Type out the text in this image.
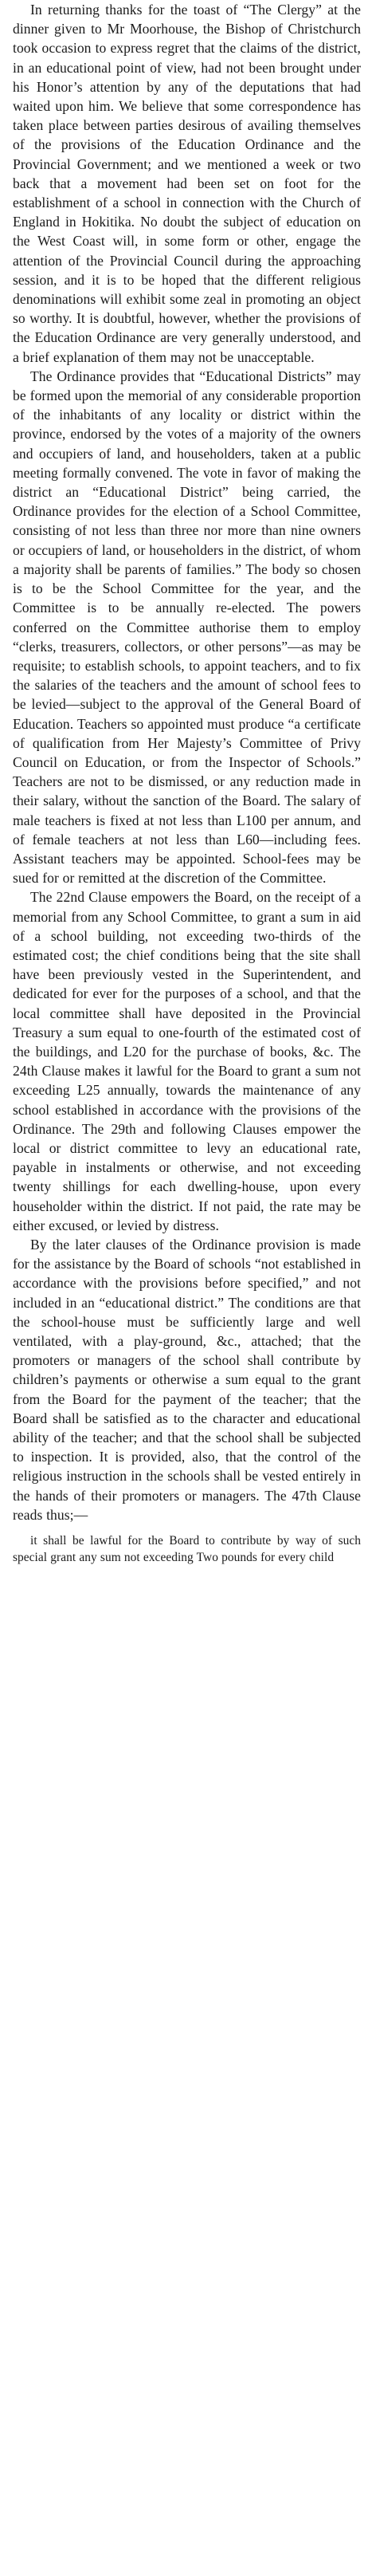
In returning thanks for the toast of “The Clergy” at the dinner given to Mr Moorhouse, the Bishop of Christchurch took occasion to express regret that the claims of the district, in an educational point of view, had not been brought under his Honor’s attention by any of the deputations that had waited upon him. We believe that some correspondence has taken place between parties desirous of availing themselves of the provisions of the Education Ordinance and the Provincial Government; and we mentioned a week or two back that a movement had been set on foot for the establishment of a school in connection with the Church of England in Hokitika. No doubt the subject of education on the West Coast will, in some form or other, engage the attention of the Provincial Council during the approaching session, and it is to be hoped that the different religious denominations will exhibit some zeal in promoting an object so worthy. It is doubtful, however, whether the provisions of the Education Ordinance are very generally understood, and a brief explanation of them may not be unacceptable.

The Ordinance provides that “Educational Districts” may be formed upon the memorial of any considerable proportion of the inhabitants of any locality or district within the province, endorsed by the votes of a majority of the owners and occupiers of land, and householders, taken at a public meeting formally convened. The vote in favor of making the district an “Educational District” being carried, the Ordinance provides for the election of a School Committee, consisting of not less than three nor more than nine owners or occupiers of land, or householders in the district, of whom a majority shall be parents of families.” The body so chosen is to be the School Committee for the year, and the Committee is to be annually re-elected. The powers conferred on the Committee authorise them to employ “clerks, treasurers, collectors, or other persons”—as may be requisite; to establish schools, to appoint teachers, and to fix the salaries of the teachers and the amount of school fees to be levied—subject to the approval of the General Board of Education. Teachers so appointed must produce “a certificate of qualification from Her Majesty’s Committee of Privy Council on Education, or from the Inspector of Schools.” Teachers are not to be dismissed, or any reduction made in their salary, without the sanction of the Board. The salary of male teachers is fixed at not less than L100 per annum, and of female teachers at not less than L60—including fees. Assistant teachers may be appointed. School-fees may be sued for or remitted at the discretion of the Committee.

The 22nd Clause empowers the Board, on the receipt of a memorial from any School Committee, to grant a sum in aid of a school building, not exceeding two-thirds of the estimated cost; the chief conditions being that the site shall have been previously vested in the Superintendent, and dedicated for ever for the purposes of a school, and that the local committee shall have deposited in the Provincial Treasury a sum equal to one-fourth of the estimated cost of the buildings, and L20 for the purchase of books, &c. The 24th Clause makes it lawful for the Board to grant a sum not exceeding L25 annually, towards the maintenance of any school established in accordance with the provisions of the Ordinance. The 29th and following Clauses empower the local or district committee to levy an educational rate, payable in instalments or otherwise, and not exceeding twenty shillings for each dwelling-house, upon every householder within the district. If not paid, the rate may be either excused, or levied by distress.

By the later clauses of the Ordinance provision is made for the assistance by the Board of schools “not established in accordance with the provisions before specified,” and not included in an “educational district.” The conditions are that the school-house must be sufficiently large and well ventilated, with a play-ground, &c., attached; that the promoters or managers of the school shall contribute by children’s payments or otherwise a sum equal to the grant from the Board for the payment of the teacher; that the Board shall be satisfied as to the character and educational ability of the teacher; and that the school shall be subjected to inspection. It is provided, also, that the control of the religious instruction in the schools shall be vested entirely in the hands of their promoters or managers. The 47th Clause reads thus;—

it shall be lawful for the Board to contribute by way of such special grant any sum not exceeding Two pounds for every child
